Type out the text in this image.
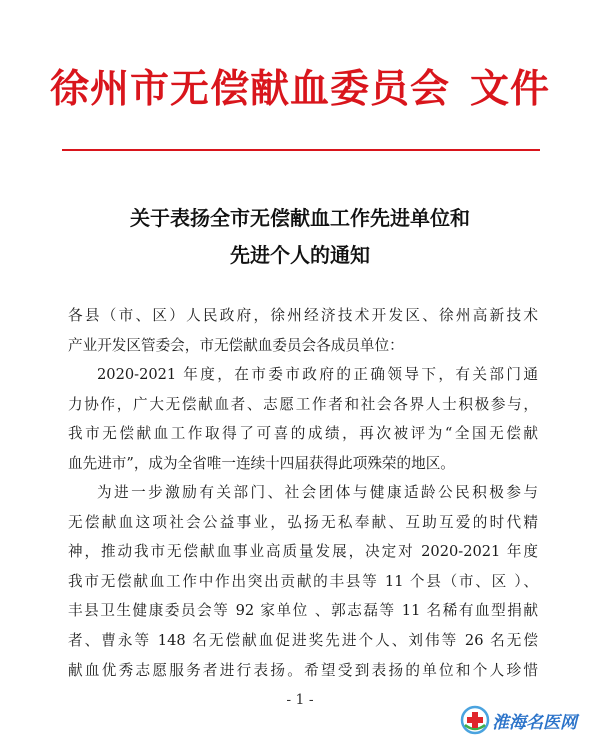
徐州市无偿献血委员会 文件
关于表扬全市无偿献血工作先进单位和
先进个人的通知
各县（市、区）人民政府，徐州经济技术开发区、徐州高新技术
产业开发区管委会，市无偿献血委员会各成员单位：
2020-2021 年度，在市委市政府的正确领导下，有关部门通
力协作，广大无偿献血者、志愿工作者和社会各界人士积极参与，
我市无偿献血工作取得了可喜的成绩，再次被评为“全国无偿献
血先进市”，成为全省唯一连续十四届获得此项殊荣的地区。
为进一步激励有关部门、社会团体与健康适龄公民积极参与
无偿献血这项社会公益事业，弘扬无私奉献、互助互爱的时代精
神，推动我市无偿献血事业高质量发展，决定对 2020-2021 年度
我市无偿献血工作中作出突出贡献的丰县等 11 个县（市、区 ）、
丰县卫生健康委员会等 92 家单位 、郭志磊等 11 名稀有血型捐献
者、曹永等 148 名无偿献血促进奖先进个人、刘伟等 26 名无偿
献血优秀志愿服务者进行表扬。希望受到表扬的单位和个人珍惜
- 1 -
淮海名医网
